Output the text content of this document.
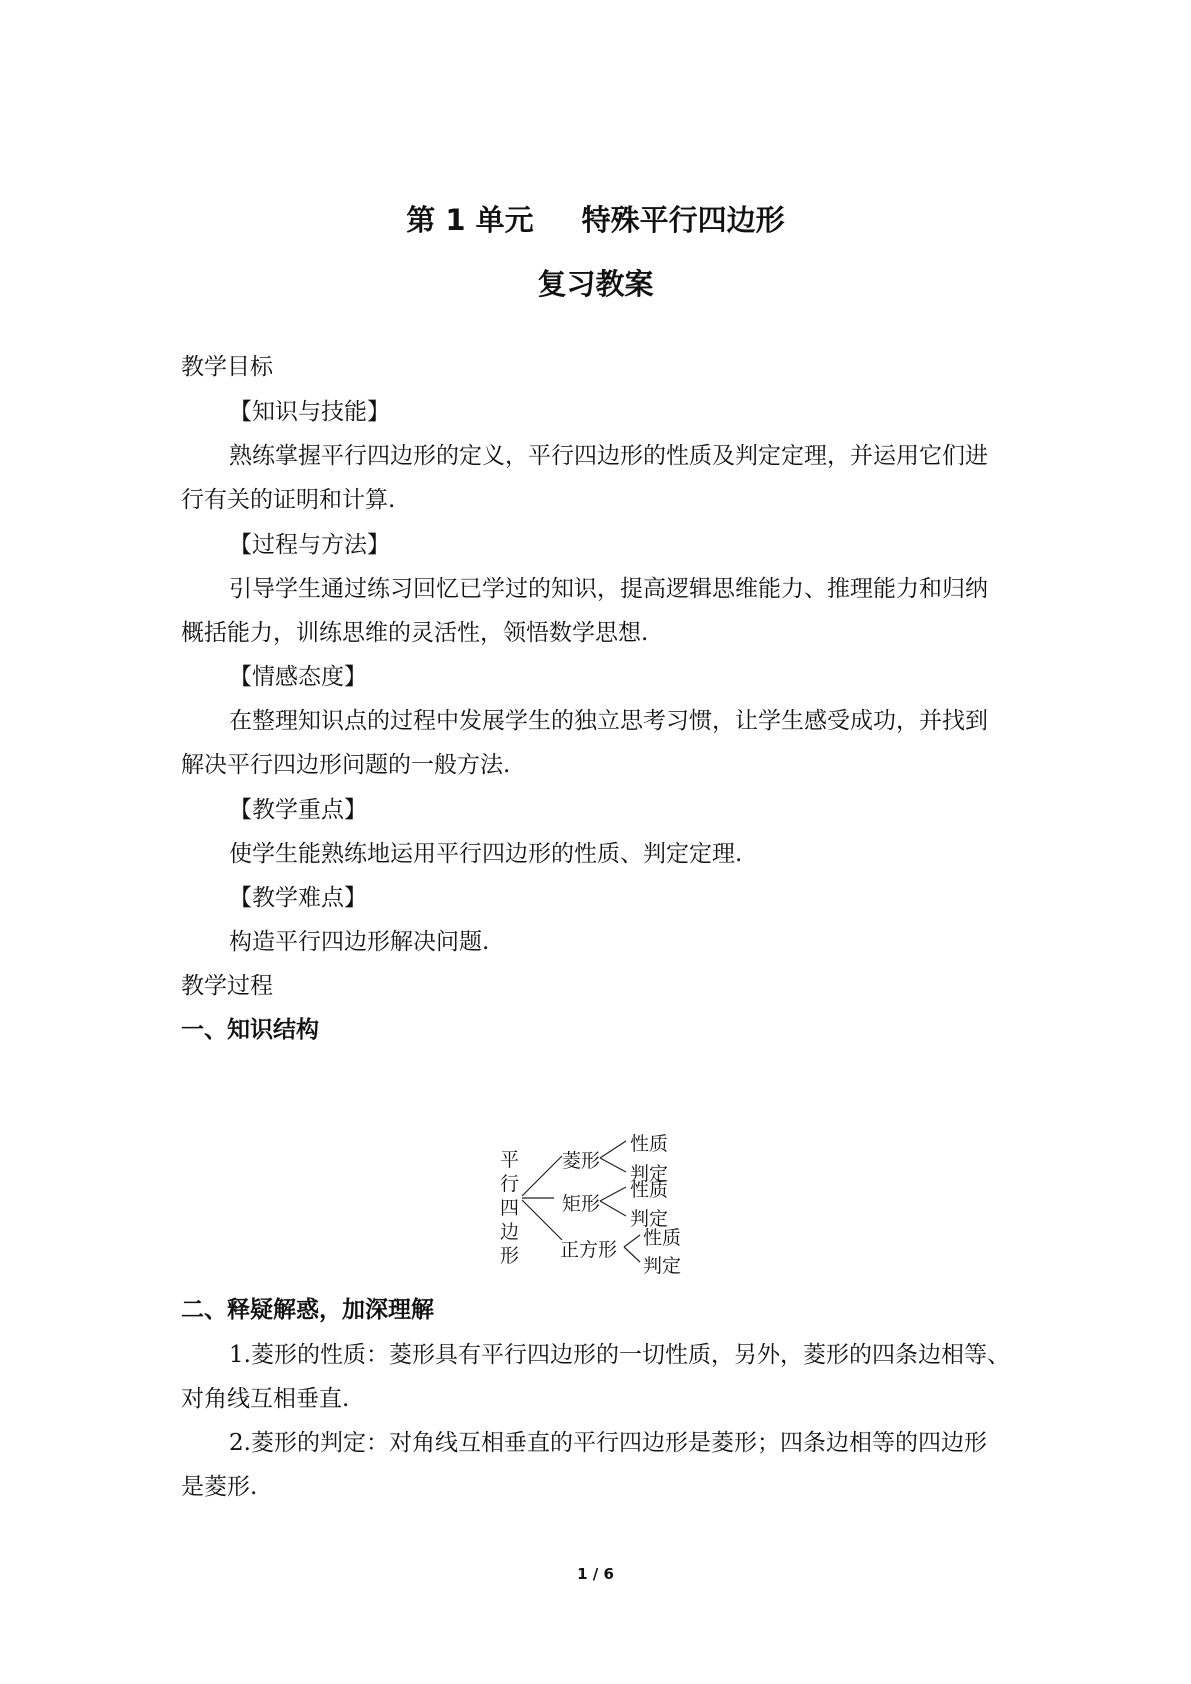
第 1 单元 特殊平行四边形
复习教案
教学目标
【知识与技能】
熟练掌握平行四边形的定义，平行四边形的性质及判定定理，并运用它们进
行有关的证明和计算.
【过程与方法】
引导学生通过练习回忆已学过的知识，提高逻辑思维能力、推理能力和归纳
概括能力，训练思维的灵活性，领悟数学思想.
【情感态度】
在整理知识点的过程中发展学生的独立思考习惯，让学生感受成功，并找到
解决平行四边形问题的一般方法.
【教学重点】
使学生能熟练地运用平行四边形的性质、判定定理.
【教学难点】
构造平行四边形解决问题.
教学过程
一、知识结构
平
行
四
边
形
菱形
矩形
正方形
性质
判定
性质
判定
性质
判定
二、释疑解惑，加深理解
1.菱形的性质：菱形具有平行四边形的一切性质，另外，菱形的四条边相等、
对角线互相垂直.
2.菱形的判定：对角线互相垂直的平行四边形是菱形；四条边相等的四边形
是菱形.
1 / 6
